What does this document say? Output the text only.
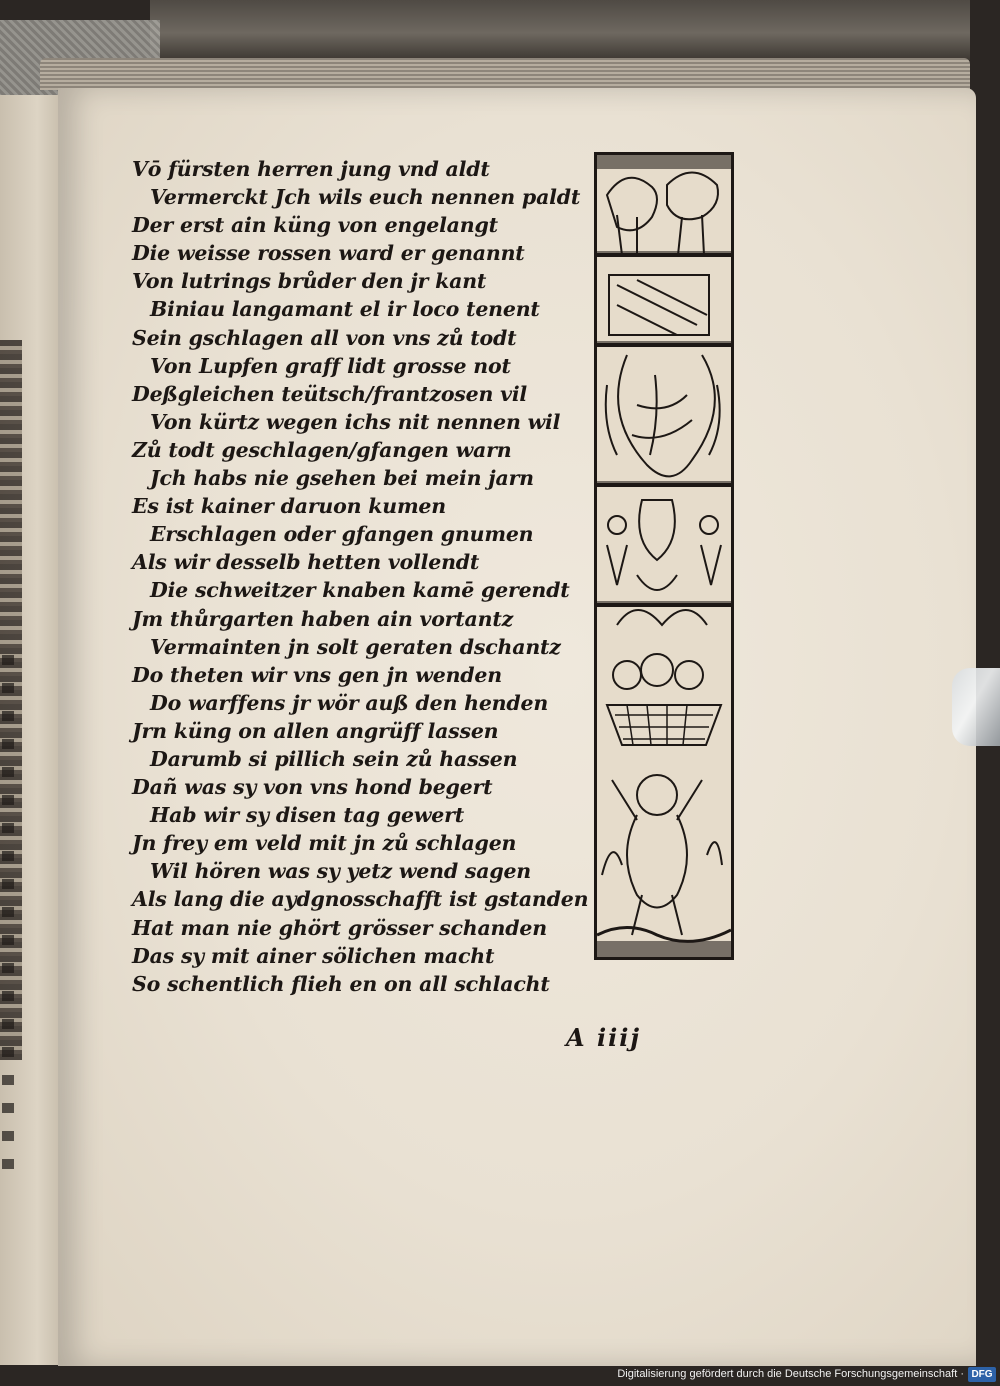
Vō fürsten herren jung vnd aldt
Vermerckt Jch wils euch nennen paldt
Der erst ain küng von engelangt
Die weisse rossen ward er genannt
Von lutrings brůder den jr kant
Biniau langamant el ir loco tenent
Sein gschlagen all von vns zů todt
Von Lupfen graff lidt grosse not
Deßgleichen teütsch/frantzosen vil
Von kürtz wegen ichs nit nennen wil
Zů todt geschlagen/gfangen warn
Jch habs nie gsehen bei mein jarn
Es ist kainer daruon kumen
Erschlagen oder gfangen gnumen
Als wir desselb hetten vollendt
Die schweitzer knaben kamē gerendt
Jm thůrgarten haben ain vortantz
Vermainten jn solt geraten dschantz
Do theten wir vns gen jn wenden
Do warffens jr wör auß den henden
Jrn küng on allen angrüff lassen
Darumb si pillich sein zů hassen
Dañ was sy von vns hond begert
Hab wir sy disen tag gewert
Jn frey em veld mit jn zů schlagen
Wil hören was sy yetz wend sagen
Als lang die aydgnosschafft ist gstanden
Hat man nie ghört grösser schanden
Das sy mit ainer sölichen macht
So schentlich flieh en on all schlacht
A iiij
Digitalisierung gefördert durch die Deutsche Forschungsgemeinschaft · DFG
